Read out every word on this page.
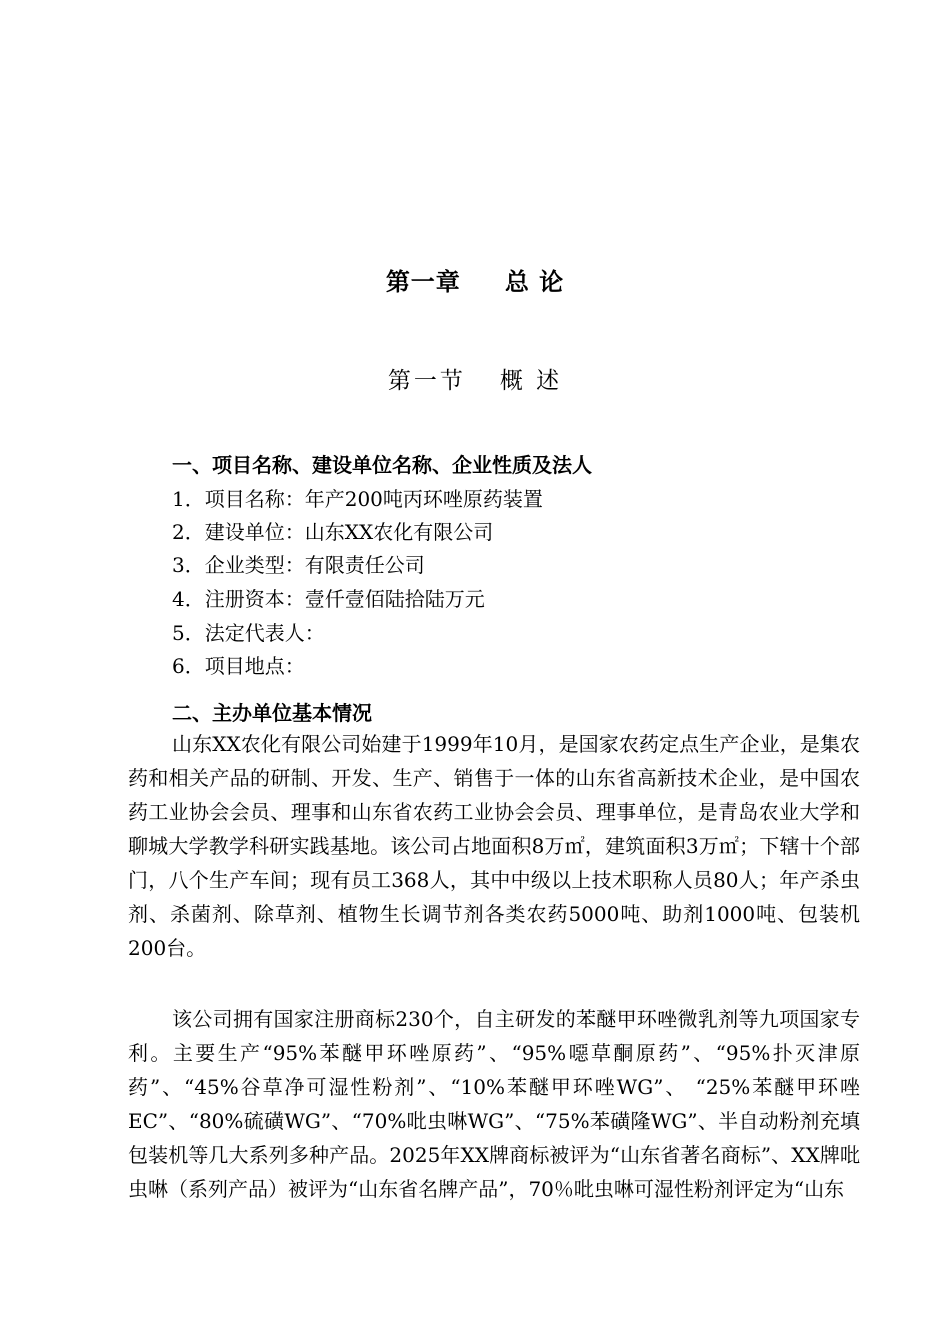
第一章 总 论
第一节 概 述
一、项目名称、建设单位名称、企业性质及法人
1．项目名称：年产200吨丙环唑原药装置
2．建设单位：山东XX农化有限公司
3．企业类型：有限责任公司
4．注册资本：壹仟壹佰陆拾陆万元
5．法定代表人：
6．项目地点：
二、主办单位基本情况

山东XX农化有限公司始建于1999年10月，是国家农药定点生产企业，是集农药和相关产品的研制、开发、生产、销售于一体的山东省高新技术企业，是中国农药工业协会会员、理事和山东省农药工业协会会员、理事单位，是青岛农业大学和聊城大学教学科研实践基地。该公司占地面积8万㎡，建筑面积3万㎡；下辖十个部门，八个生产车间；现有员工368人，其中中级以上技术职称人员80人；年产杀虫剂、杀菌剂、除草剂、植物生长调节剂各类农药5000吨、助剂1000吨、包装机200台。

该公司拥有国家注册商标230个，自主研发的苯醚甲环唑微乳剂等九项国家专利。主要生产“95%苯醚甲环唑原药”、“95%噁草酮原药”、“95%扑灭津原药”、“45%谷草净可湿性粉剂”、“10%苯醚甲环唑WG”、 “25%苯醚甲环唑EC”、“80%硫磺WG”、“70%吡虫啉WG”、“75%苯磺隆WG”、半自动粉剂充填包装机等几大系列多种产品。2025年XX牌商标被评为“山东省著名商标”、XX牌吡虫啉（系列产品）被评为“山东省名牌产品”，70％吡虫啉可湿性粉剂评定为“山东
